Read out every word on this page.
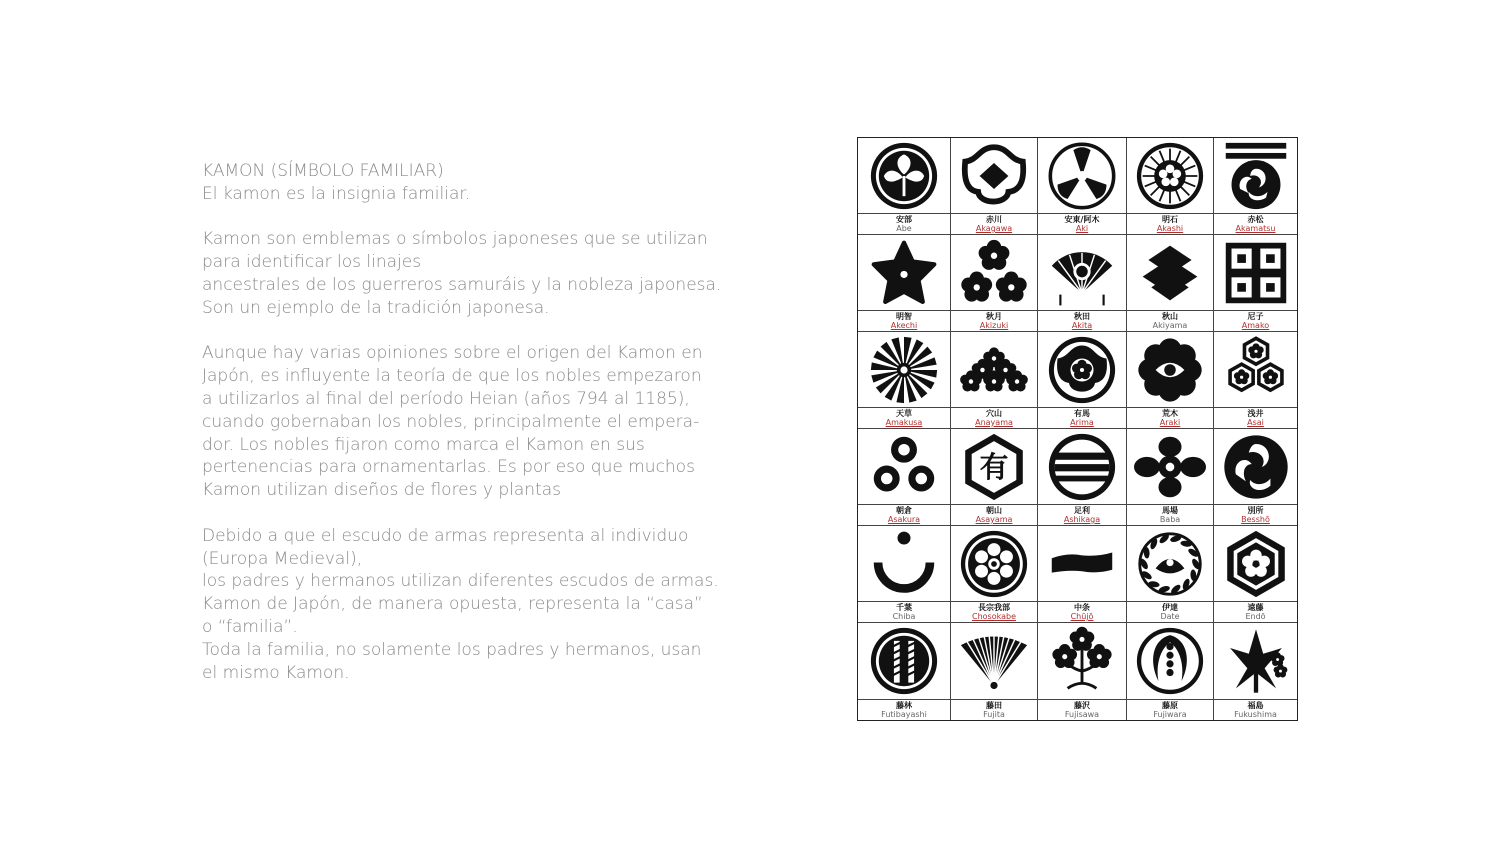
KAMON (SÍMBOLO FAMILIAR)
El kamon es la insignia familiar.
Kamon son emblemas o símbolos japoneses que se utilizan
para identificar los linajes
ancestrales de los guerreros samuráis y la nobleza japonesa.
Son un ejemplo de la tradición japonesa.
Aunque hay varias opiniones sobre el origen del Kamon en
Japón, es influyente la teoría de que los nobles empezaron
a utilizarlos al final del período Heian (años 794 al 1185),
cuando gobernaban los nobles, principalmente el empera-
dor. Los nobles fijaron como marca el Kamon en sus
pertenencias para ornamentarlas. Es por eso que muchos
Kamon utilizan diseños de flores y plantas
Debido a que el escudo de armas representa al individuo
(Europa Medieval),
los padres y hermanos utilizan diferentes escudos de armas.
Kamon de Japón, de manera opuesta, representa la “casa”
o “familia”.
Toda la familia, no solamente los padres y hermanos, usan
el mismo Kamon.
安部
Abe
赤川
Akagawa
安東/阿木
Aki
明石
Akashi
赤松
Akamatsu
明智
Akechi
秋月
Akizuki
秋田
Akita
秋山
Akiyama
尼子
Amako
天草
Amakusa
穴山
Anayama
有馬
Arima
荒木
Araki
浅井
Asai
朝倉
Asakura
有
朝山
Asayama
足利
Ashikaga
馬場
Baba
別所
Besshō
千葉
Chiba
長宗我部
Chosokabe
中条
Chūjō
伊達
Date
遠藤
Endō
藤林
Futibayashi
藤田
Fujita
藤沢
Fujisawa
藤原
Fujiwara
福島
Fukushima
